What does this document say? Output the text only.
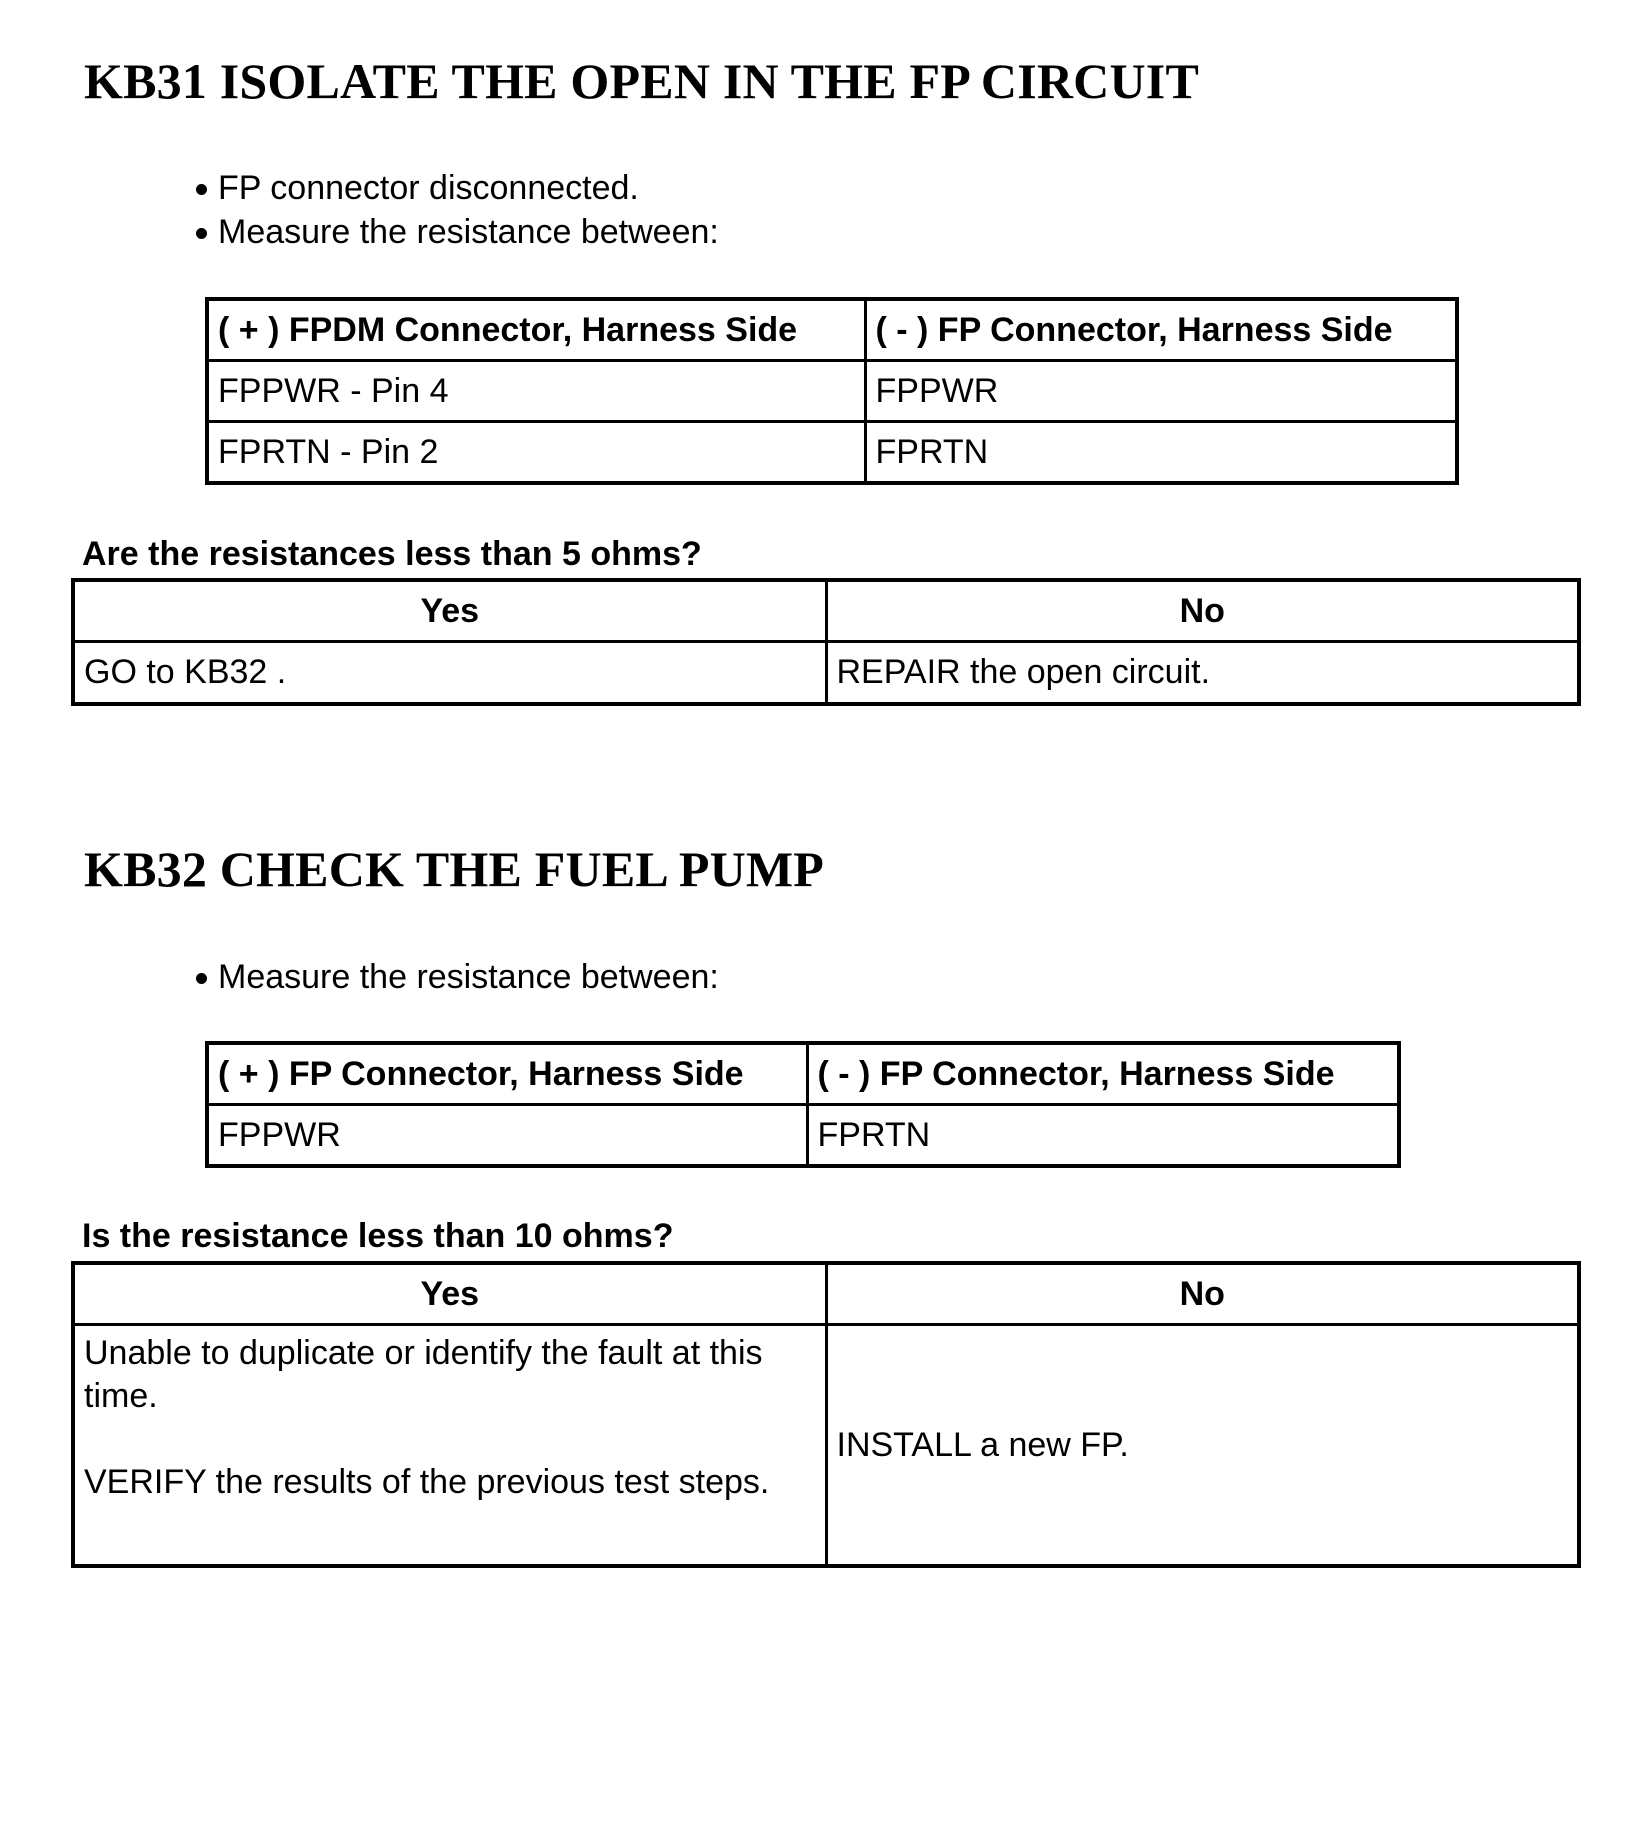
KB31 ISOLATE THE OPEN IN THE FP CIRCUIT
FP connector disconnected.
Measure the resistance between:
( + ) FPDM Connector, Harness Side	( - ) FP Connector, Harness Side
FPPWR - Pin 4	FPPWR
FPRTN - Pin 2	FPRTN

Are the resistances less than 5 ohms?

Yes	No
GO to KB32 .	REPAIR the open circuit.
KB32 CHECK THE FUEL PUMP
Measure the resistance between:
( + ) FP Connector, Harness Side	( - ) FP Connector, Harness Side
FPPWR	FPRTN

Is the resistance less than 10 ohms?

Yes	No

Unable to duplicate or identify the fault at this time.
VERIFY the results of the previous test steps.	INSTALL a new FP.
